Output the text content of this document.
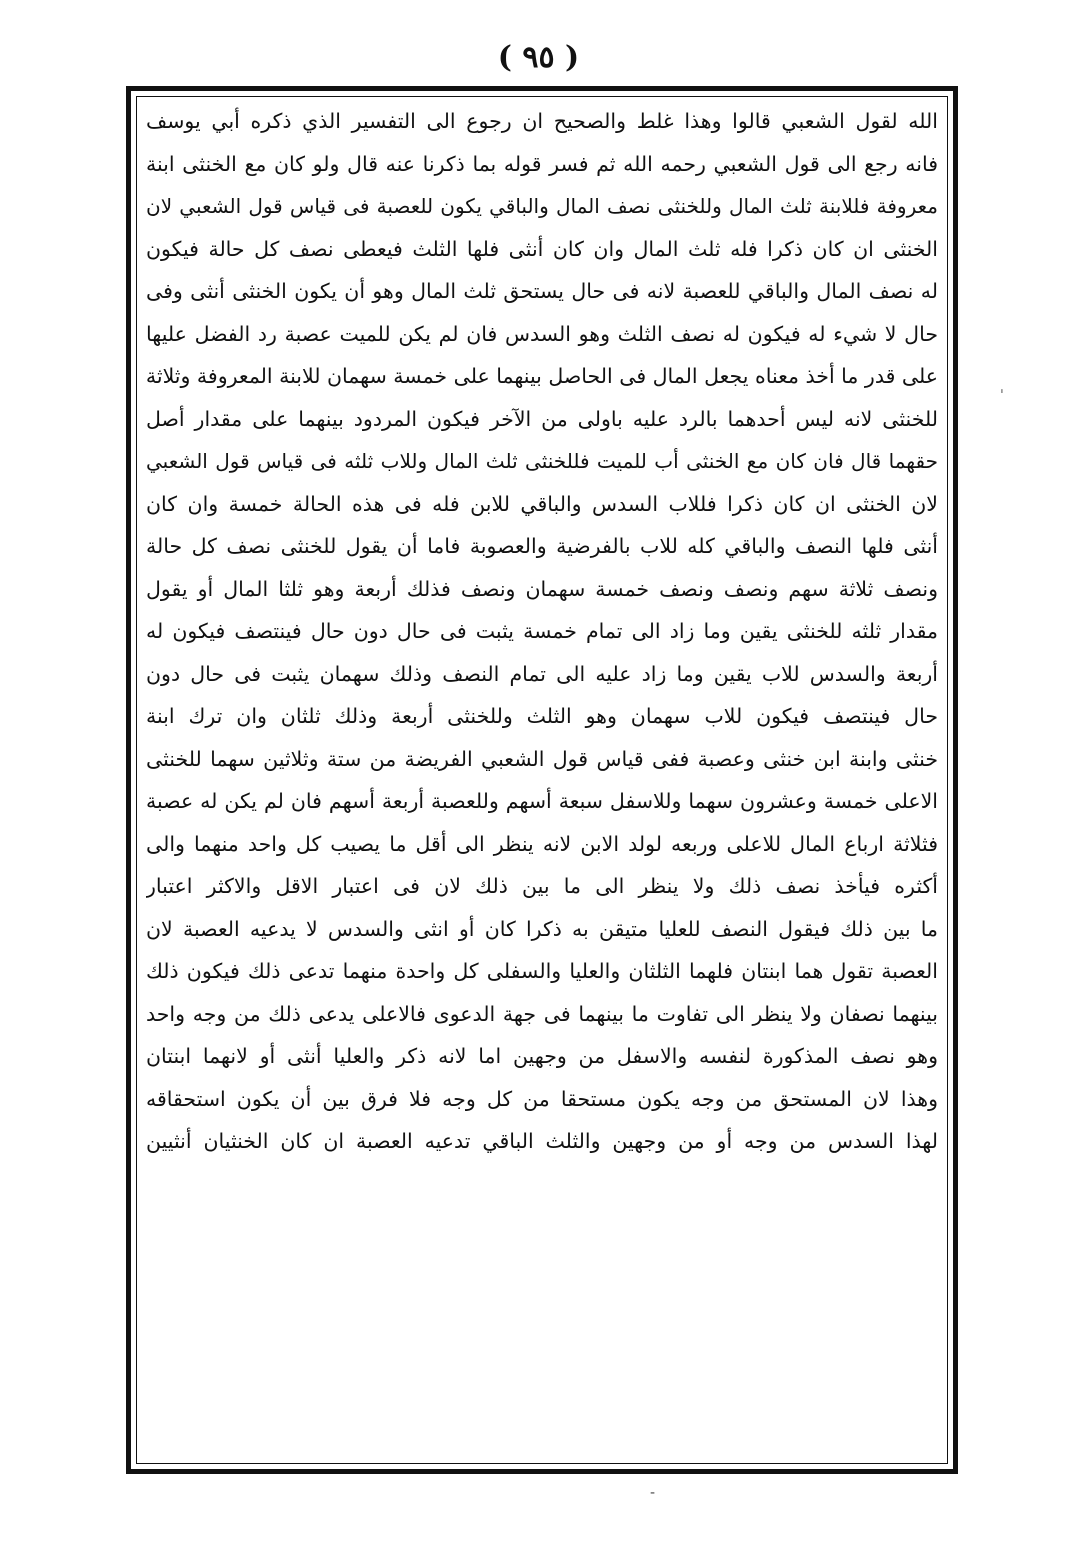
( ٩٥ )
الله لقول الشعبي قالوا وهذا غلط والصحيح ان رجوع الى التفسير الذي ذكره أبي يوسف
فانه رجع الى قول الشعبي رحمه الله ثم فسر قوله بما ذكرنا عنه قال ولو كان مع الخنثى ابنة
معروفة فللابنة ثلث المال وللخنثى نصف المال والباقي يكون للعصبة فى قياس قول الشعبي لان
الخنثى ان كان ذكرا فله ثلث المال وان كان أنثى فلها الثلث فيعطى نصف كل حالة فيكون
له نصف المال والباقي للعصبة لانه فى حال يستحق ثلث المال وهو أن يكون الخنثى أنثى وفى
حال لا شيء له فيكون له نصف الثلث وهو السدس فان لم يكن للميت عصبة رد الفضل عليها
على قدر ما أخذ معناه يجعل المال فى الحاصل بينهما على خمسة سهمان للابنة المعروفة وثلاثة
للخنثى لانه ليس أحدهما بالرد عليه باولى من الآخر فيكون المردود بينهما على مقدار أصل
حقهما قال فان كان مع الخنثى أب للميت فللخنثى ثلث المال وللاب ثلثه فى قياس قول الشعبي
لان الخنثى ان كان ذكرا فللاب السدس والباقي للابن فله فى هذه الحالة خمسة وان كان
أنثى فلها النصف والباقي كله للاب بالفرضية والعصوبة فاما أن يقول للخنثى نصف كل حالة
ونصف ثلاثة سهم ونصف ونصف خمسة سهمان ونصف فذلك أربعة وهو ثلثا المال أو يقول
مقدار ثلثه للخنثى يقين وما زاد الى تمام خمسة يثبت فى حال دون حال فينتصف فيكون له
أربعة والسدس للاب يقين وما زاد عليه الى تمام النصف وذلك سهمان يثبت فى حال دون
حال فينتصف فيكون للاب سهمان وهو الثلث وللخنثى أربعة وذلك ثلثان وان ترك ابنة
خنثى وابنة ابن خنثى وعصبة ففى قياس قول الشعبي الفريضة من ستة وثلاثين سهما للخنثى
الاعلى خمسة وعشرون سهما وللاسفل سبعة أسهم وللعصبة أربعة أسهم فان لم يكن له عصبة
فثلاثة ارباع المال للاعلى وربعه لولد الابن لانه ينظر الى أقل ما يصيب كل واحد منهما والى
أكثره فيأخذ نصف ذلك ولا ينظر الى ما بين ذلك لان فى اعتبار الاقل والاكثر اعتبار
ما بين ذلك فيقول النصف للعليا متيقن به ذكرا كان أو انثى والسدس لا يدعيه العصبة لان
العصبة تقول هما ابنتان فلهما الثلثان والعليا والسفلى كل واحدة منهما تدعى ذلك فيكون ذلك
بينهما نصفان ولا ينظر الى تفاوت ما بينهما فى جهة الدعوى فالاعلى يدعى ذلك من وجه واحد
وهو نصف المذكورة لنفسه والاسفل من وجهين اما لانه ذكر والعليا أنثى أو لانهما ابنتان
وهذا لان المستحق من وجه يكون مستحقا من كل وجه فلا فرق بين أن يكون استحقاقه
لهذا السدس من وجه أو من وجهين والثلث الباقي تدعيه العصبة ان كان الخنثيان أنثيين
ˈ
-
